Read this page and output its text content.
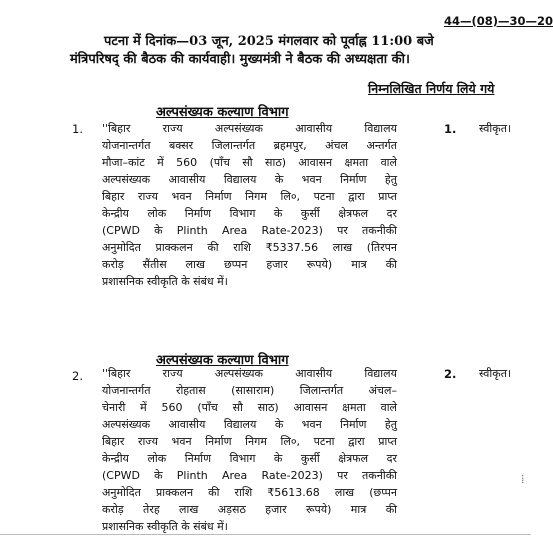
44—(08)—30—20
पटना में दिनांक—03 जून, 2025 मंगलवार को पूर्वाह्न 11:00 बजे
मंत्रिपरिषद् की बैठक की कार्यवाही। मुख्यमंत्री ने बैठक की अध्यक्षता की।
निम्नलिखित निर्णय लिये गये
अल्पसंख्यक कल्याण विभाग
1.	1. स्वीकृत।
''बिहार राज्य अल्पसंख्यक आवासीय विद्यालय
योजनान्तर्गत बक्सर जिलान्तर्गत ब्रहमपुर, अंचल अन्तर्गत
मौजा–कांट में 560 (पाँच सौ साठ) आवासन क्षमता वाले
अल्पसंख्यक आवासीय विद्यालय के भवन निर्माण हेतु
बिहार राज्य भवन निर्माण निगम लि०, पटना द्वारा प्राप्त
केन्द्रीय लोक निर्माण विभाग के कुर्सी क्षेत्रफल दर
(CPWD के Plinth Area Rate-2023) पर तकनीकी
अनुमोदित प्राक्कलन की राशि ₹5337.56 लाख (तिरपन
करोड़ सैंतीस लाख छप्पन हजार रूपये) मात्र की
प्रशासनिक स्वीकृति के संबंध में।
अल्पसंख्यक कल्याण विभाग
2.	2. स्वीकृत।
''बिहार राज्य अल्पसंख्यक आवासीय विद्यालय
योजनान्तर्गत रोहतास (सासाराम) जिलान्तर्गत अंचल–
चेनारी में 560 (पाँच सौ साठ) आवासन क्षमता वाले
अल्पसंख्यक आवासीय विद्यालय के भवन निर्माण हेतु
बिहार राज्य भवन निर्माण निगम लि०, पटना द्वारा प्राप्त
केन्द्रीय लोक निर्माण विभाग के कुर्सी क्षेत्रफल दर
(CPWD के Plinth Area Rate-2023) पर तकनीकी
अनुमोदित प्राक्कलन की राशि ₹5613.68 लाख (छप्पन
करोड़ तेरह लाख अड़सठ हजार रूपये) मात्र की
प्रशासनिक स्वीकृति के संबंध में।
⁞
